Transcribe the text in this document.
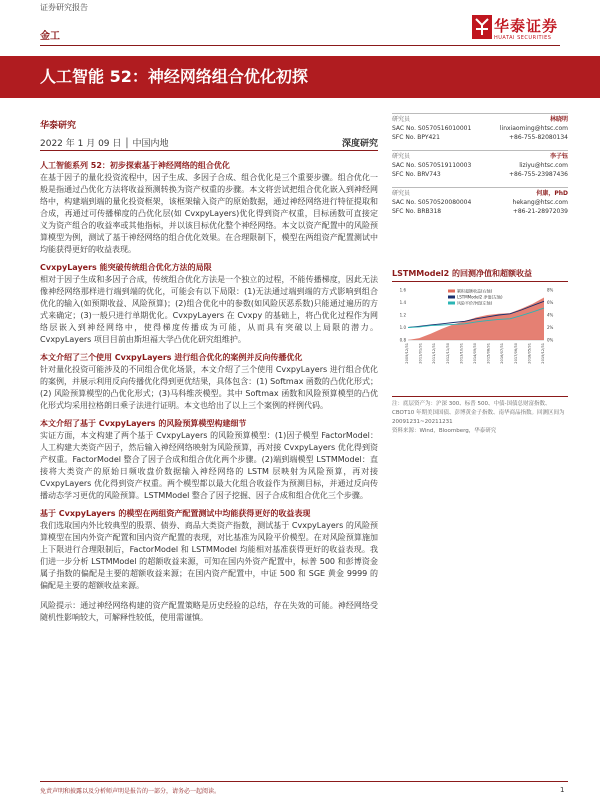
证券研究报告
金工
华泰证券
HUATAI SECURITIES
人工智能 52：神经网络组合优化初探
华泰研究
2022 年 1 月 09 日 │ 中国内地	深度研究
人工智能系列 52：初步探索基于神经网络的组合优化

在基于因子的量化投资流程中，因子生成、多因子合成、组合优化是三个重要步骤。组合优化一般是指通过凸优化方法将收益预测转换为资产权重的步骤。本文将尝试把组合优化嵌入到神经网络中，构建端到端的量化投资框架，该框架输入资产的原始数据，通过神经网络进行特征提取和合成，再通过可传播梯度的凸优化层(如 CvxpyLayers)优化得到资产权重，目标函数可直接定义为资产组合的收益率或其他指标，并以该目标优化整个神经网络。本文以资产配置中的风险预算模型为例，测试了基于神经网络的组合优化效果。在合理限制下，模型在两组资产配置测试中均能获得更好的收益表现。

CvxpyLayers 能突破传统组合优化方法的局限

相对于因子生成和多因子合成，传统组合优化方法是一个独立的过程，不能传播梯度，因此无法像神经网络那样进行端到端的优化，可能会有以下局限：(1)无法通过端到端的方式影响到组合优化的输入(如预期收益、风险预算)；(2)组合优化中的参数(如风险厌恶系数)只能通过遍历的方式来确定；(3)一般只进行单期优化。CvxpyLayers 在 Cvxpy 的基础上，将凸优化过程作为网络层嵌入到神经网络中，使得梯度传播成为可能，从而具有突破以上局限的潜力。CvxpyLayers 项目目前由斯坦福大学凸优化研究组维护。

本文介绍了三个使用 CvxpyLayers 进行组合优化的案例并反向传播优化

针对量化投资可能涉及的不同组合优化场景，本文介绍了三个使用 CvxpyLayers 进行组合优化的案例，并展示利用反向传播优化得到更优结果，具体包含：(1) Softmax 函数的凸优化形式；(2) 风险预算模型的凸优化形式；(3)马科维茨模型。其中 Softmax 函数和风险预算模型的凸优化形式均采用拉格朗日乘子法进行证明。本文也给出了以上三个案例的样例代码。

本文介绍了基于 CvxpyLayers 的风险预算模型构建细节

实证方面，本文构建了两个基于 CvxpyLayers 的风险预算模型：(1)因子模型 FactorModel：人工构建大类资产因子，然后输入神经网络映射为风险预算，再对接 CvxpyLayers 优化得到资产权重。FactorModel 整合了因子合成和组合优化两个步骤。(2)端到端模型 LSTMModel：直接将大类资产的原始日频收盘价数据输入神经网络的 LSTM 层映射为风险预算，再对接 CvxpyLayers 优化得到资产权重。两个模型都以最大化组合收益作为预测目标，并通过反向传播动态学习更优的风险预算。LSTMModel 整合了因子挖掘、因子合成和组合优化三个步骤。

基于 CvxpyLayers 的模型在两组资产配置测试中均能获得更好的收益表现

我们选取国内外比较典型的股票、债券、商品大类资产指数，测试基于 CvxpyLayers 的风险预算模型在国内外资产配置和国内资产配置的表现，对比基准为风险平价模型。在对风险预算施加上下限进行合理限制后，FactorModel 和 LSTMModel 均能相对基准获得更好的收益表现。我们进一步分析 LSTMModel 的超额收益来源，可知在国内外资产配置中，标普 500 和彭博资金属子指数的偏配是主要的超额收益来源；在国内资产配置中，中证 500 和 SGE 黄金 9999 的偏配是主要的超额收益来源。

风险提示：通过神经网络构建的资产配置策略是历史经验的总结，存在失效的可能。神经网络受随机性影响较大，可解释性较低，使用需谨慎。

研究员	林晓明
SAC No. S0570516010001	linxiaoming@htsc.com
SFC No. BPY421	+86-755-82080134
研究员	李子钰
SAC No. S0570519110003	liziyu@htsc.com
SFC No. BRV743	+86-755-23987436
研究员	何康，PhD
SAC No. S0570520080004	hekang@htsc.com
SFC No. BRB318	+86-21-28972039
LSTMModel2 的回测净值和超额收益
1.6
1.4
1.2
1.0
0.8
8%
6%
4%
2%
0%
累积超额收益(右轴)
LSTMModel2 净值(左轴)
风险平价净值(左轴)
2009/12/31	2011/01/31	2011/12/31	2012/11/30	2013/10/31	2014/09/30	2015/08/31	2016/07/31	2017/06/30	2018/05/31	2019/12/31
注：底层资产为：沪深 300、标普 500、中债-国债总财富指数、CBOT10 年期美国国债、彭博黄金子指数、南华商品指数。回测区间为 20091231~20211231
资料来源：Wind，Bloomberg，华泰研究
免责声明和披露以及分析师声明是报告的一部分，请务必一起阅读。	1
